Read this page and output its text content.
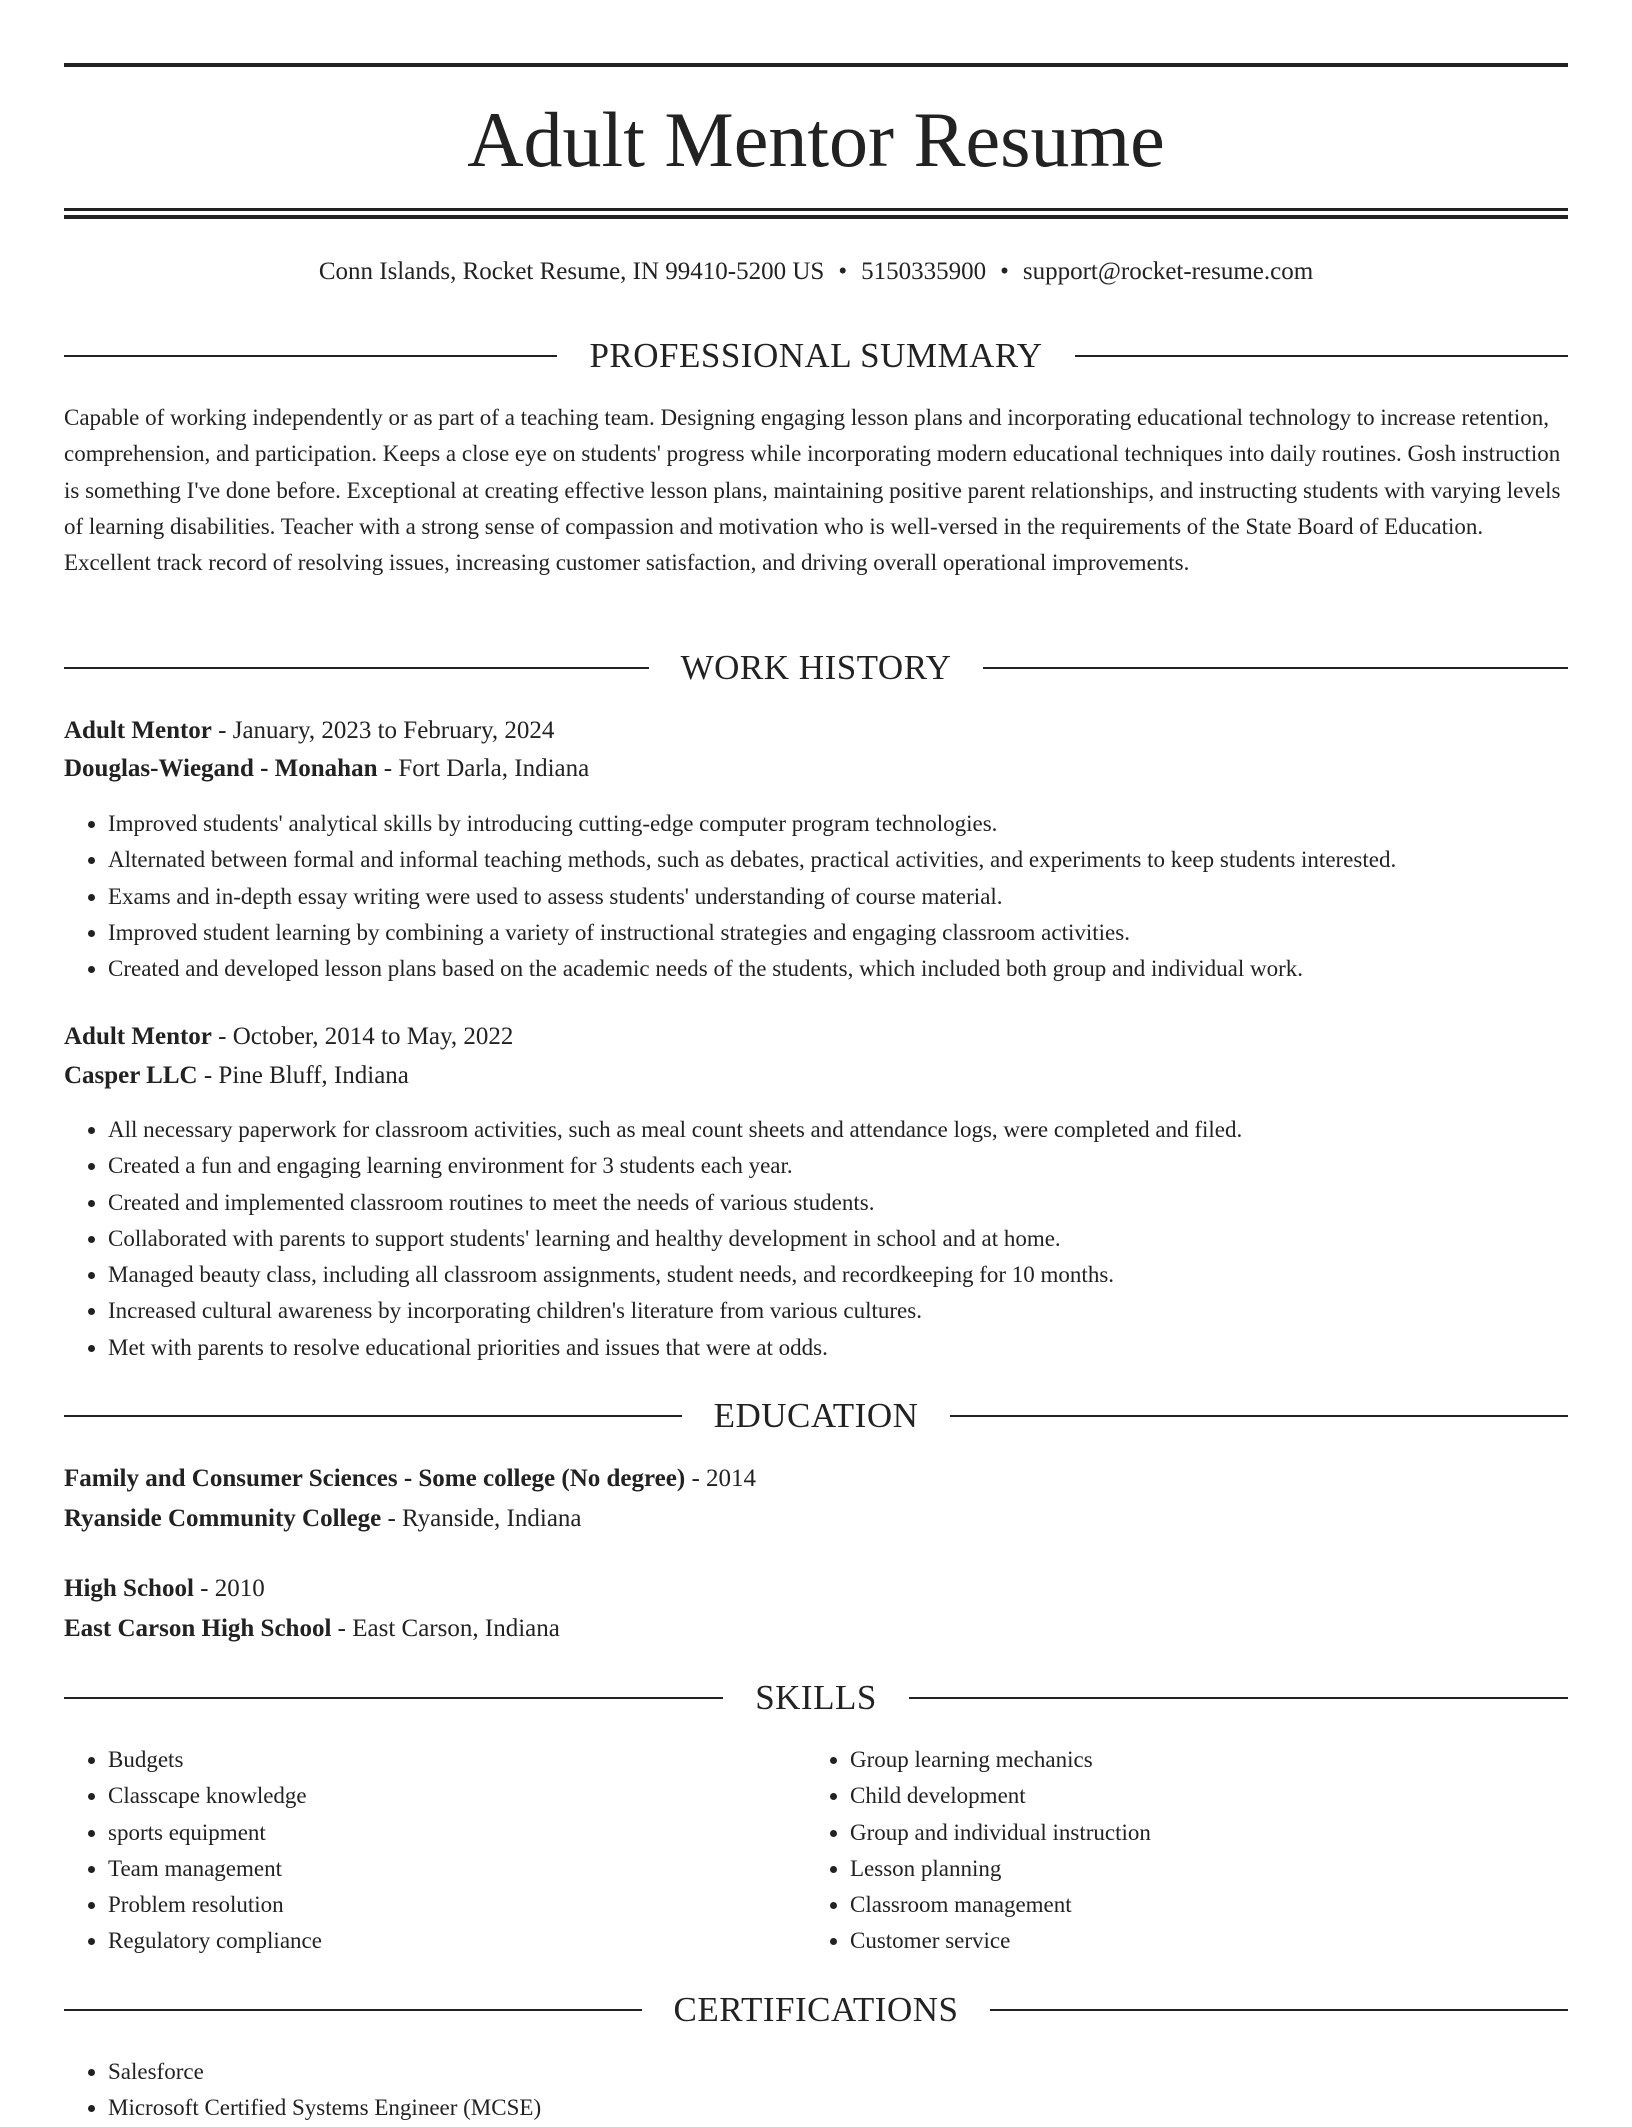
Adult Mentor Resume
Conn Islands, Rocket Resume, IN 99410-5200 US • 5150335900 • support@rocket-resume.com
PROFESSIONAL SUMMARY

Capable of working independently or as part of a teaching team. Designing engaging lesson plans and incorporating educational technology to increase retention, comprehension, and participation. Keeps a close eye on students' progress while incorporating modern educational techniques into daily routines. Gosh instruction is something I've done before. Exceptional at creating effective lesson plans, maintaining positive parent relationships, and instructing students with varying levels of learning disabilities. Teacher with a strong sense of compassion and motivation who is well-versed in the requirements of the State Board of Education. Excellent track record of resolving issues, increasing customer satisfaction, and driving overall operational improvements.

WORK HISTORY
Adult Mentor - January, 2023 to February, 2024
Douglas-Wiegand - Monahan - Fort Darla, Indiana
• Improved students' analytical skills by introducing cutting-edge computer program technologies.
• Alternated between formal and informal teaching methods, such as debates, practical activities, and experiments to keep students interested.
• Exams and in-depth essay writing were used to assess students' understanding of course material.
• Improved student learning by combining a variety of instructional strategies and engaging classroom activities.
• Created and developed lesson plans based on the academic needs of the students, which included both group and individual work.
Adult Mentor - October, 2014 to May, 2022
Casper LLC - Pine Bluff, Indiana
• All necessary paperwork for classroom activities, such as meal count sheets and attendance logs, were completed and filed.
• Created a fun and engaging learning environment for 3 students each year.
• Created and implemented classroom routines to meet the needs of various students.
• Collaborated with parents to support students' learning and healthy development in school and at home.
• Managed beauty class, including all classroom assignments, student needs, and recordkeeping for 10 months.
• Increased cultural awareness by incorporating children's literature from various cultures.
• Met with parents to resolve educational priorities and issues that were at odds.
EDUCATION
Family and Consumer Sciences - Some college (No degree) - 2014
Ryanside Community College - Ryanside, Indiana
High School - 2010
East Carson High School - East Carson, Indiana
SKILLS
• Budgets
• Classcape knowledge
• sports equipment
• Team management
• Problem resolution
• Regulatory compliance
• Group learning mechanics
• Child development
• Group and individual instruction
• Lesson planning
• Classroom management
• Customer service
CERTIFICATIONS
• Salesforce
• Microsoft Certified Systems Engineer (MCSE)
